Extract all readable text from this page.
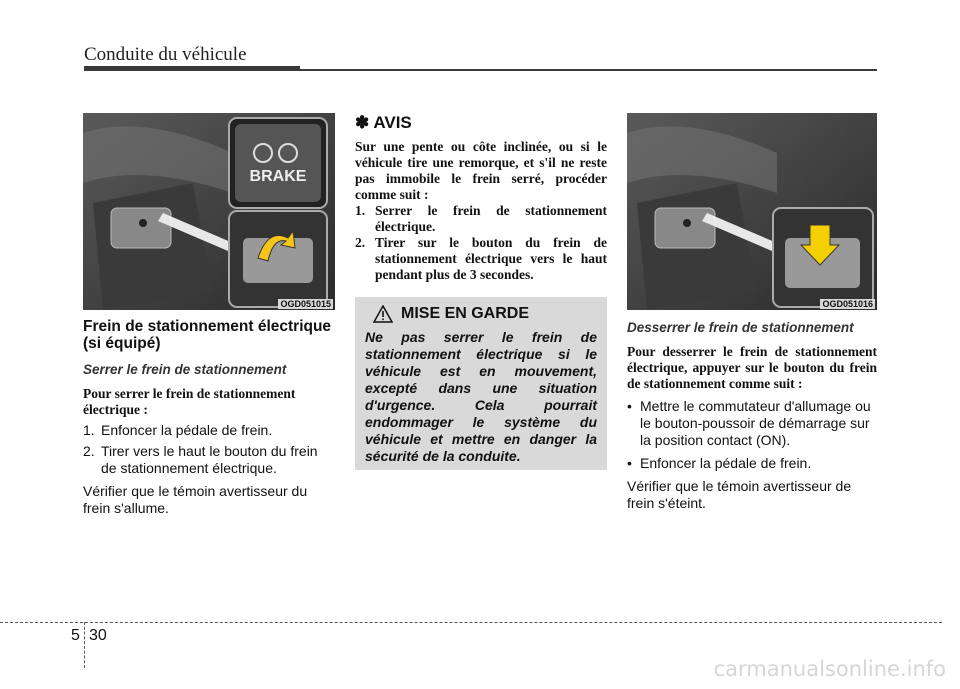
Conduite du véhicule
BRAKE
OGD051015
Frein de stationnement électrique (si équipé)
Serrer le frein de stationnement
Pour serrer le frein de stationnement électrique :
1. Enfoncer la pédale de frein.
2. Tirer vers le haut le bouton du frein de stationnement électrique.
Vérifier que le témoin avertisseur du frein s'allume.
✽ AVIS
Sur une pente ou côte inclinée, ou si le véhicule tire une remorque, et s'il ne reste pas immobile le frein serré, procéder comme suit :
1. Serrer le frein de stationnement électrique.
2. Tirer sur le bouton du frein de stationnement électrique vers le haut pendant plus de 3 secondes.
MISE EN GARDE
Ne pas serrer le frein de stationnement électrique si le véhicule est en mouvement, excepté dans une situation d'urgence. Cela pourrait endommager le système du véhicule et mettre en danger la sécurité de la conduite.
OGD051016
Desserrer le frein de stationnement
Pour desserrer le frein de stationnement électrique, appuyer sur le bouton du frein de stationnement comme suit :
• Mettre le commutateur d'allumage ou le bouton-poussoir de démarrage sur la position contact (ON).
• Enfoncer la pédale de frein.
Vérifier que le témoin avertisseur de frein s'éteint.
5 30
carmanualsonline.info
